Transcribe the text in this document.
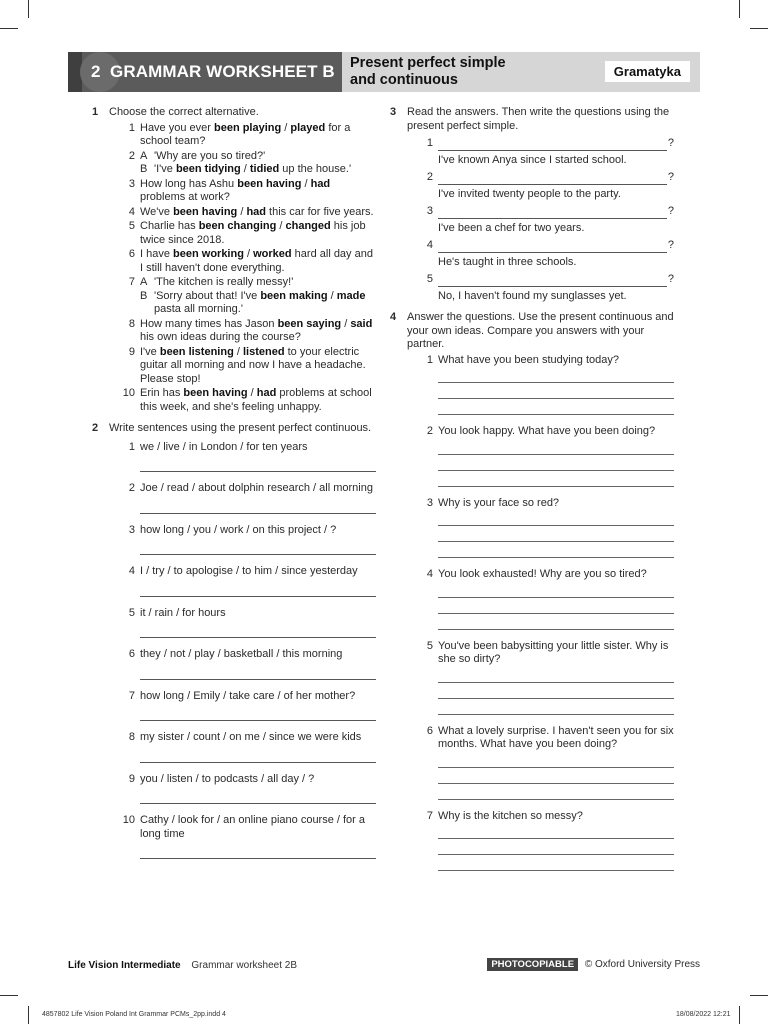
2 GRAMMAR WORKSHEET B Present perfect simple
and continuous
Gramatyka
1 Choose the correct alternative.
1 Have you ever been playing / played for a school team?
2 A 'Why are you so tired?'
B 'I've been tidying / tidied up the house.'
3 How long has Ashu been having / had problems at work?
4 We've been having / had this car for five years.
5 Charlie has been changing / changed his job twice since 2018.
6 I have been working / worked hard all day and I still haven't done everything.
7 A 'The kitchen is really messy!'
B 'Sorry about that! I've been making / made pasta all morning.'
8 How many times has Jason been saying / said his own ideas during the course?
9 I've been listening / listened to your electric guitar all morning and now I have a headache. Please stop!
10 Erin has been having / had problems at school this week, and she's feeling unhappy.
2 Write sentences using the present perfect continuous.
1 we / live / in London / for ten years
2 Joe / read / about dolphin research / all morning
3 how long / you / work / on this project / ?
4 I / try / to apologise / to him / since yesterday
5 it / rain / for hours
6 they / not / play / basketball / this morning
7 how long / Emily / take care / of her mother?
8 my sister / count / on me / since we were kids
9 you / listen / to podcasts / all day / ?
10 Cathy / look for / an online piano course / for a long time
3 Read the answers. Then write the questions using the present perfect simple.
1	?
I've known Anya since I started school.
2	?
I've invited twenty people to the party.
3	?
I've been a chef for two years.
4	?
He's taught in three schools.
5	?
No, I haven't found my sunglasses yet.
4 Answer the questions. Use the present continuous and your own ideas. Compare you answers with your partner.
1 What have you been studying today?
2 You look happy. What have you been doing?
3 Why is your face so red?
4 You look exhausted! Why are you so tired?
5 You've been babysitting your little sister. Why is she so dirty?
6 What a lovely surprise. I haven't seen you for six months. What have you been doing?
7 Why is the kitchen so messy?
Life Vision Intermediate Grammar worksheet 2B	PHOTOCOPIABLE © Oxford University Press
4857802 Life Vision Poland Int Grammar PCMs_2pp.indd 4	18/08/2022 12:21
